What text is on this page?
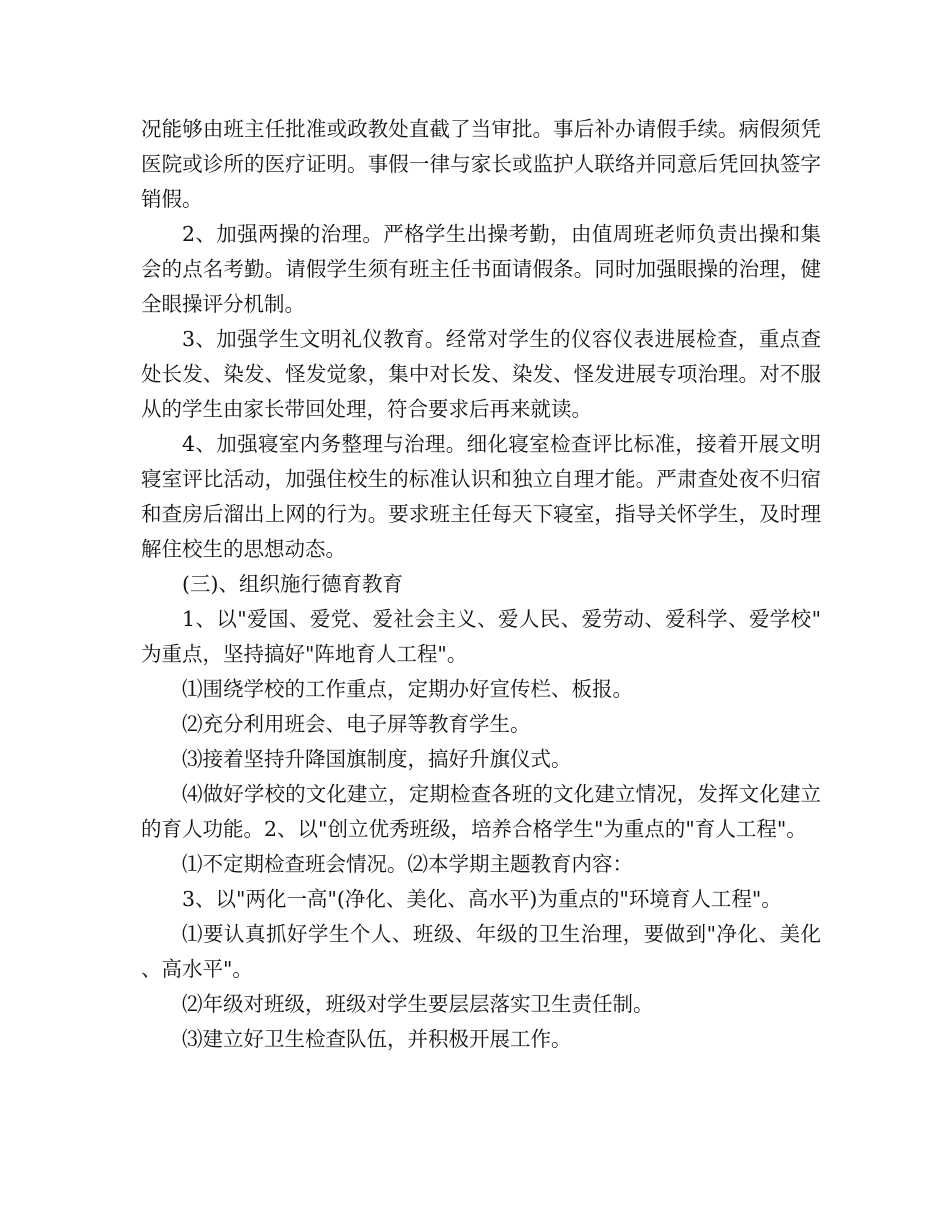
况能够由班主任批准或政教处直截了当审批。事后补办请假手续。病假须凭医院或诊所的医疗证明。事假一律与家长或监护人联络并同意后凭回执签字销假。

2、加强两操的治理。严格学生出操考勤，由值周班老师负责出操和集会的点名考勤。请假学生须有班主任书面请假条。同时加强眼操的治理，健全眼操评分机制。

3、加强学生文明礼仪教育。经常对学生的仪容仪表进展检查，重点查处长发、染发、怪发觉象，集中对长发、染发、怪发进展专项治理。对不服从的学生由家长带回处理，符合要求后再来就读。

4、加强寝室内务整理与治理。细化寝室检查评比标准，接着开展文明寝室评比活动，加强住校生的标准认识和独立自理才能。严肃查处夜不归宿和查房后溜出上网的行为。要求班主任每天下寝室，指导关怀学生，及时理解住校生的思想动态。

(三)、组织施行德育教育

1、以"爱国、爱党、爱社会主义、爱人民、爱劳动、爱科学、爱学校"为重点，坚持搞好"阵地育人工程"。

⑴围绕学校的工作重点，定期办好宣传栏、板报。

⑵充分利用班会、电子屏等教育学生。

⑶接着坚持升降国旗制度，搞好升旗仪式。

⑷做好学校的文化建立，定期检查各班的文化建立情况，发挥文化建立的育人功能。2、以"创立优秀班级，培养合格学生"为重点的"育人工程"。

⑴不定期检查班会情况。⑵本学期主题教育内容：

3、以"两化一高"(净化、美化、高水平)为重点的"环境育人工程"。

⑴要认真抓好学生个人、班级、年级的卫生治理，要做到"净化、美化、高水平"。

⑵年级对班级，班级对学生要层层落实卫生责任制。

⑶建立好卫生检查队伍，并积极开展工作。
